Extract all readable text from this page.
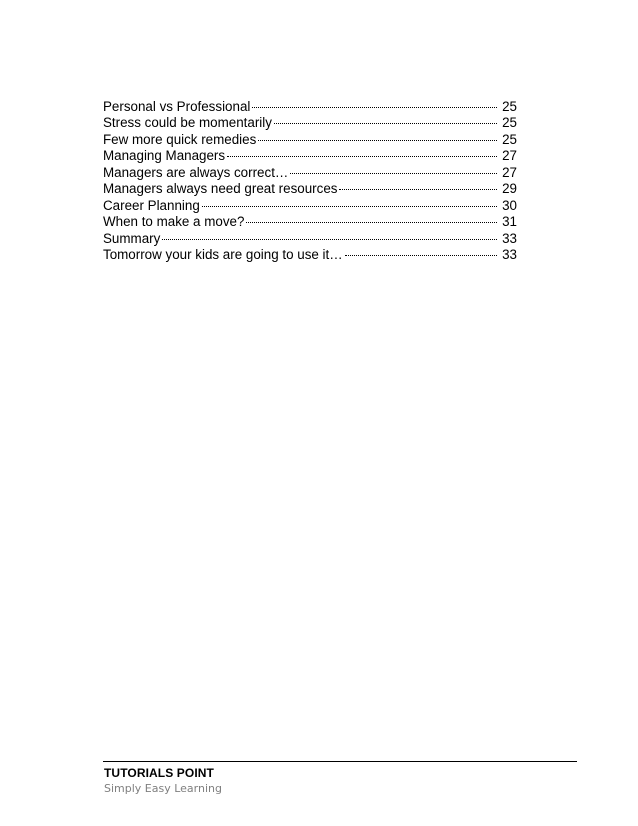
Personal vs Professional	25
Stress could be momentarily	25
Few more quick remedies	25
Managing Managers	27
Managers are always correct…	27
Managers always need great resources	29
Career Planning	30
When to make a move?	31
Summary	33
Tomorrow your kids are going to use it…	33
TUTORIALS POINT
Simply Easy Learning
